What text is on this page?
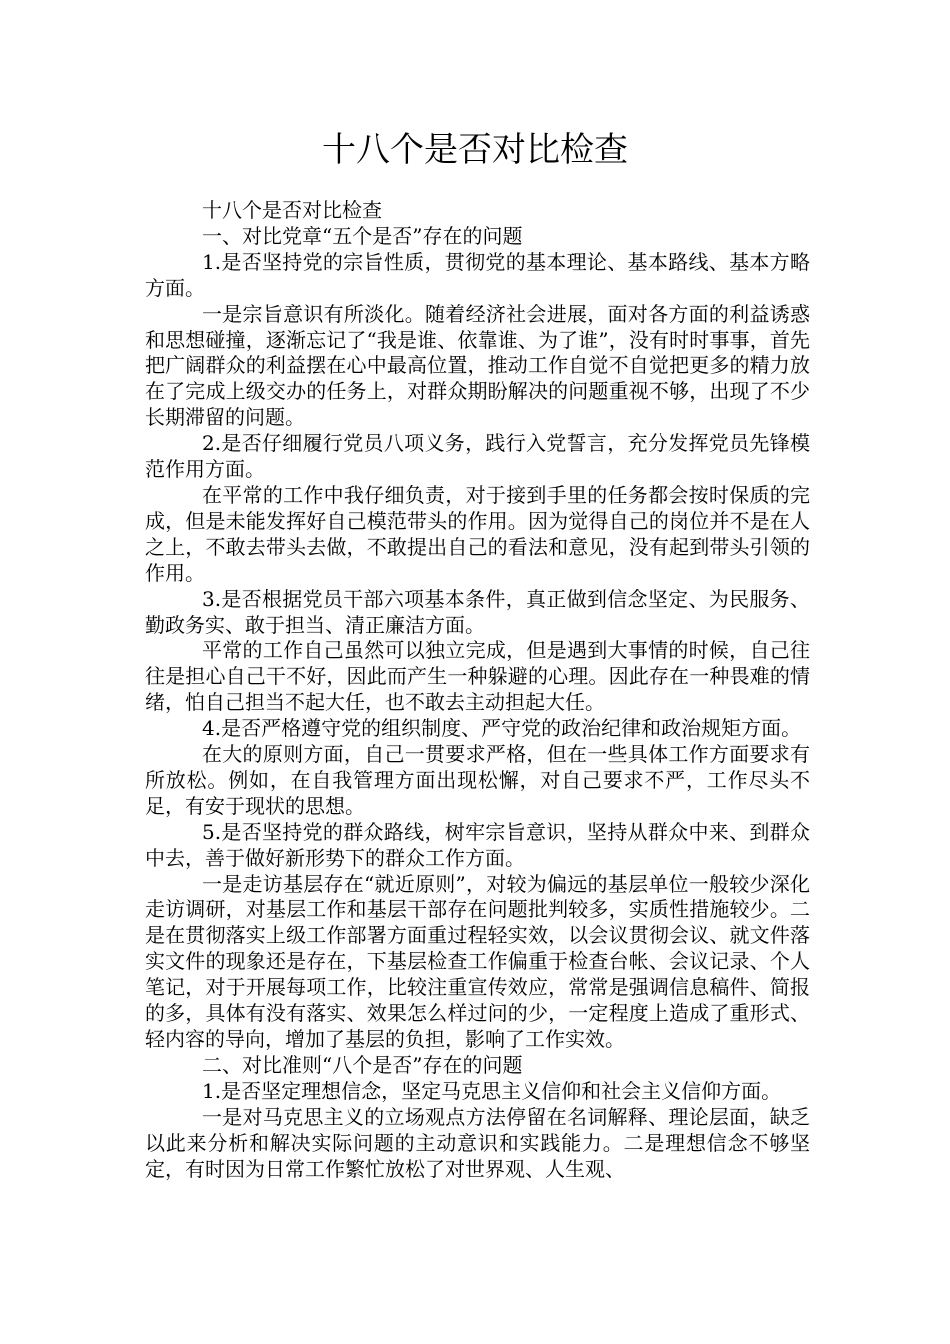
十八个是否对比检查

十八个是否对比检查

一、对比党章“五个是否”存在的问题

1.是否坚持党的宗旨性质，贯彻党的基本理论、基本路线、基本方略方面。

一是宗旨意识有所淡化。随着经济社会进展，面对各方面的利益诱惑和思想碰撞，逐渐忘记了“我是谁、依靠谁、为了谁”，没有时时事事，首先把广阔群众的利益摆在心中最高位置，推动工作自觉不自觉把更多的精力放在了完成上级交办的任务上，对群众期盼解决的问题重视不够，出现了不少长期滞留的问题。

2.是否仔细履行党员八项义务，践行入党誓言，充分发挥党员先锋模范作用方面。

在平常的工作中我仔细负责，对于接到手里的任务都会按时保质的完成，但是未能发挥好自己模范带头的作用。因为觉得自己的岗位并不是在人之上，不敢去带头去做，不敢提出自己的看法和意见，没有起到带头引领的作用。

3.是否根据党员干部六项基本条件，真正做到信念坚定、为民服务、勤政务实、敢于担当、清正廉洁方面。

平常的工作自己虽然可以独立完成，但是遇到大事情的时候，自己往往是担心自己干不好，因此而产生一种躲避的心理。因此存在一种畏难的情绪，怕自己担当不起大任，也不敢去主动担起大任。

4.是否严格遵守党的组织制度、严守党的政治纪律和政治规矩方面。

在大的原则方面，自己一贯要求严格，但在一些具体工作方面要求有所放松。例如，在自我管理方面出现松懈，对自己要求不严，工作尽头不足，有安于现状的思想。

5.是否坚持党的群众路线，树牢宗旨意识，坚持从群众中来、到群众中去，善于做好新形势下的群众工作方面。

一是走访基层存在“就近原则”，对较为偏远的基层单位一般较少深化走访调研，对基层工作和基层干部存在问题批判较多，实质性措施较少。二是在贯彻落实上级工作部署方面重过程轻实效，以会议贯彻会议、就文件落实文件的现象还是存在，下基层检查工作偏重于检查台帐、会议记录、个人笔记，对于开展每项工作，比较注重宣传效应，常常是强调信息稿件、简报的多，具体有没有落实、效果怎么样过问的少，一定程度上造成了重形式、轻内容的导向，增加了基层的负担，影响了工作实效。

二、对比准则“八个是否”存在的问题

1.是否坚定理想信念，坚定马克思主义信仰和社会主义信仰方面。

一是对马克思主义的立场观点方法停留在名词解释、理论层面，缺乏以此来分析和解决实际问题的主动意识和实践能力。二是理想信念不够坚定，有时因为日常工作繁忙放松了对世界观、人生观、
